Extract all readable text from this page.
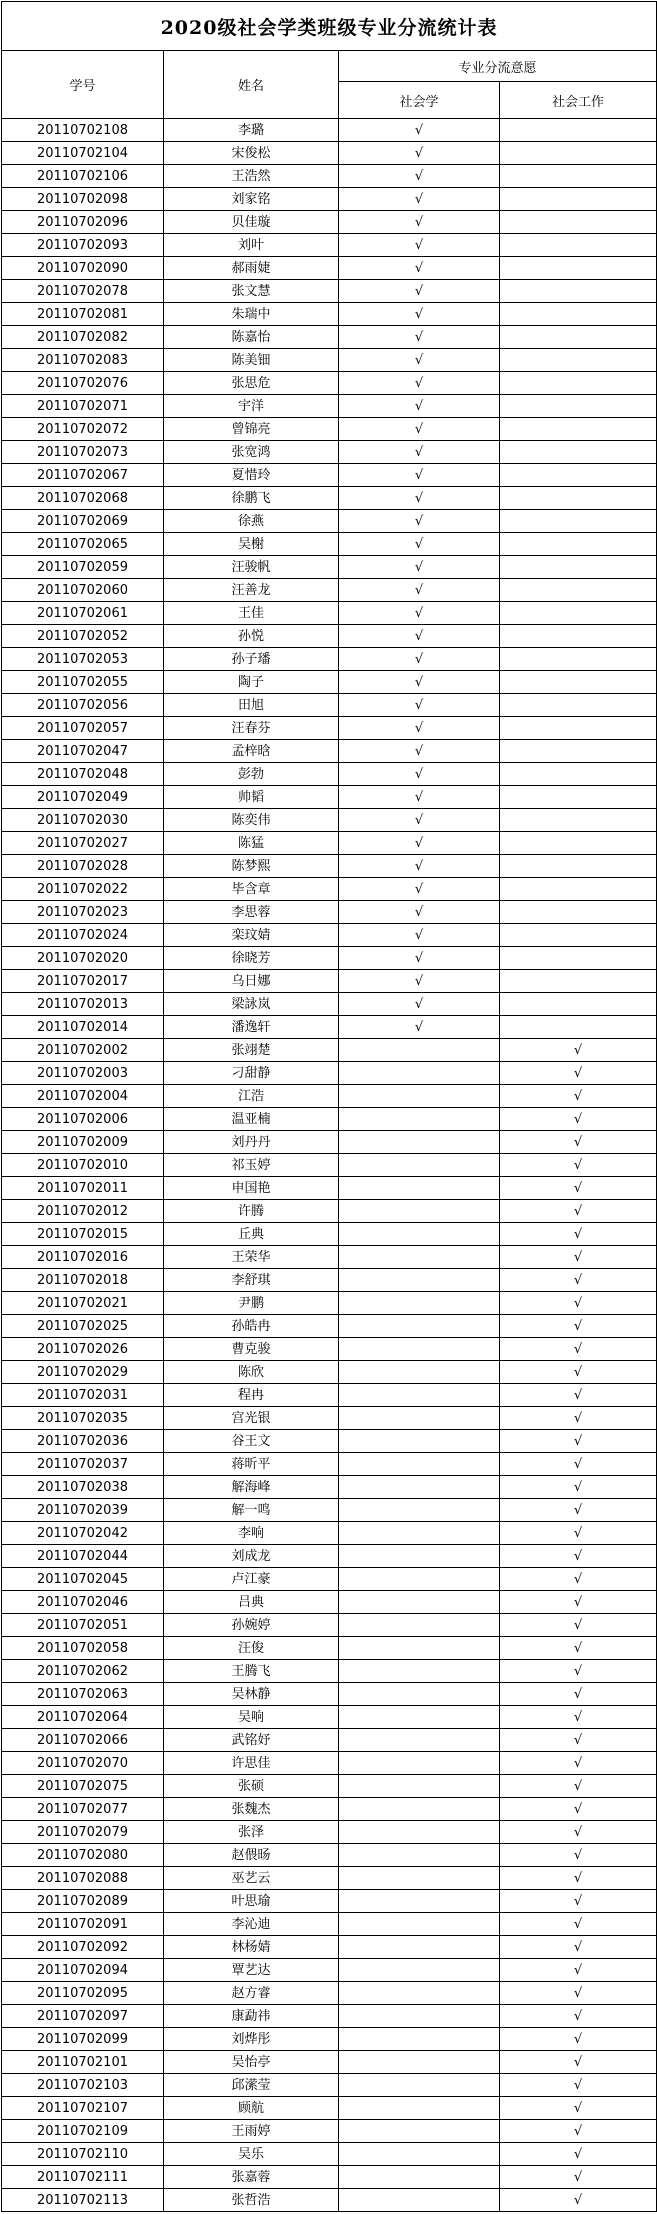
2020级社会学类班级专业分流统计表			
学号	姓名	专业分流意愿	
		社会学	社会工作
20110702108	李璐	√	
20110702104	宋俊松	√	
20110702106	王浩然	√	
20110702098	刘家铭	√	
20110702096	贝佳璇	√	
20110702093	刘叶	√	
20110702090	郝雨婕	√	
20110702078	张文慧	√	
20110702081	朱瑞中	√	
20110702082	陈嘉怡	√	
20110702083	陈美钿	√	
20110702076	张思危	√	
20110702071	宇洋	√	
20110702072	曾锦亮	√	
20110702073	张宽鸿	√	
20110702067	夏惜玲	√	
20110702068	徐鹏飞	√	
20110702069	徐燕	√	
20110702065	吴榭	√	
20110702059	汪骏帆	√	
20110702060	汪善龙	√	
20110702061	王佳	√	
20110702052	孙悦	√	
20110702053	孙子璠	√	
20110702055	陶子	√	
20110702056	田旭	√	
20110702057	汪春芬	√	
20110702047	孟梓晗	√	
20110702048	彭勃	√	
20110702049	帅韬	√	
20110702030	陈奕伟	√	
20110702027	陈猛	√	
20110702028	陈梦熙	√	
20110702022	毕含章	√	
20110702023	李思蓉	√	
20110702024	栾玟婧	√	
20110702020	徐晓芳	√	
20110702017	乌日娜	√	
20110702013	梁詠岚	√	
20110702014	潘逸轩	√	
20110702002	张翊楚		√
20110702003	刁甜静		√
20110702004	江浩		√
20110702006	温亚楠		√
20110702009	刘丹丹		√
20110702010	祁玉婷		√
20110702011	申国艳		√
20110702012	许腾		√
20110702015	丘典		√
20110702016	王荣华		√
20110702018	李舒琪		√
20110702021	尹鹏		√
20110702025	孙皓冉		√
20110702026	曹克骏		√
20110702029	陈欣		√
20110702031	程冉		√
20110702035	宫光银		√
20110702036	谷王文		√
20110702037	蒋昕平		√
20110702038	解海峰		√
20110702039	解一鸣		√
20110702042	李响		√
20110702044	刘成龙		√
20110702045	卢江豪		√
20110702046	吕典		√
20110702051	孙婉婷		√
20110702058	汪俊		√
20110702062	王腾飞		√
20110702063	吴林静		√
20110702064	吴响		√
20110702066	武铭妤		√
20110702070	许思佳		√
20110702075	张硕		√
20110702077	张魏杰		√
20110702079	张泽		√
20110702080	赵偎旸		√
20110702088	巫艺云		√
20110702089	叶思瑜		√
20110702091	李沁迪		√
20110702092	林杨婧		√
20110702094	覃艺达		√
20110702095	赵方睿		√
20110702097	康勐祎		√
20110702099	刘烨彤		√
20110702101	吴怡亭		√
20110702103	邱潆莹		√
20110702107	顾航		√
20110702109	王雨婷		√
20110702110	吴乐		√
20110702111	张嘉蓉		√
20110702113	张哲浩		√
